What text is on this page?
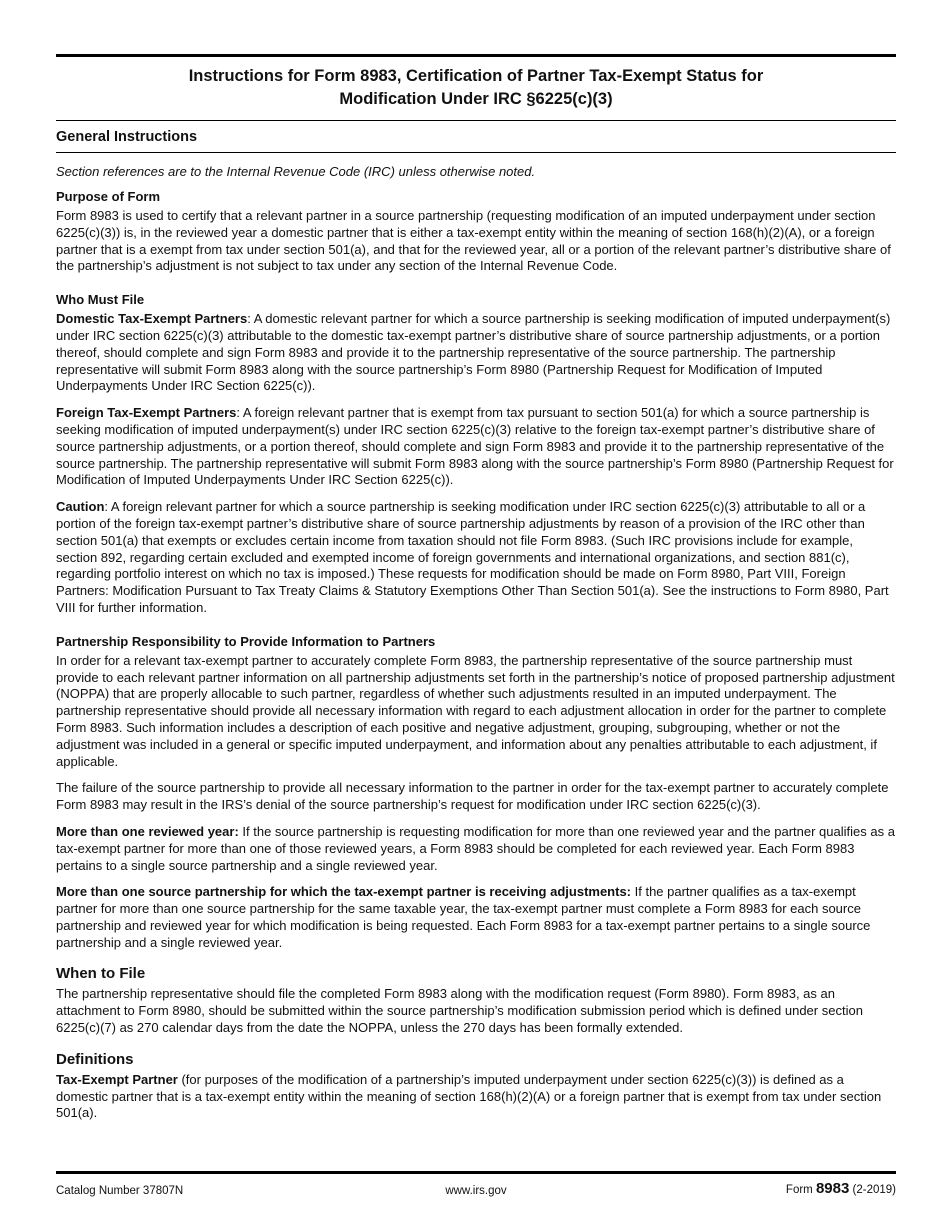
Instructions for Form 8983, Certification of Partner Tax-Exempt Status for
Modification Under IRC §6225(c)(3)
General Instructions
Section references are to the Internal Revenue Code (IRC) unless otherwise noted.
Purpose of Form

Form 8983 is used to certify that a relevant partner in a source partnership (requesting modification of an imputed underpayment under section 6225(c)(3)) is, in the reviewed year a domestic partner that is either a tax-exempt entity within the meaning of section 168(h)(2)(A), or a foreign partner that is a exempt from tax under section 501(a), and that for the reviewed year, all or a portion of the relevant partner’s distributive share of the partnership’s adjustment is not subject to tax under any section of the Internal Revenue Code.

Who Must File

Domestic Tax-Exempt Partners: A domestic relevant partner for which a source partnership is seeking modification of imputed underpayment(s) under IRC section 6225(c)(3) attributable to the domestic tax-exempt partner’s distributive share of source partnership adjustments, or a portion thereof, should complete and sign Form 8983 and provide it to the partnership representative of the source partnership. The partnership representative will submit Form 8983 along with the source partnership’s Form 8980 (Partnership Request for Modification of Imputed Underpayments Under IRC Section 6225(c)).

Foreign Tax-Exempt Partners: A foreign relevant partner that is exempt from tax pursuant to section 501(a) for which a source partnership is seeking modification of imputed underpayment(s) under IRC section 6225(c)(3) relative to the foreign tax-exempt partner’s distributive share of source partnership adjustments, or a portion thereof, should complete and sign Form 8983 and provide it to the partnership representative of the source partnership. The partnership representative will submit Form 8983 along with the source partnership’s Form 8980 (Partnership Request for Modification of Imputed Underpayments Under IRC Section 6225(c)).

Caution: A foreign relevant partner for which a source partnership is seeking modification under IRC section 6225(c)(3) attributable to all or a portion of the foreign tax-exempt partner’s distributive share of source partnership adjustments by reason of a provision of the IRC other than section 501(a) that exempts or excludes certain income from taxation should not file Form 8983. (Such IRC provisions include for example, section 892, regarding certain excluded and exempted income of foreign governments and international organizations, and section 881(c), regarding portfolio interest on which no tax is imposed.) These requests for modification should be made on Form 8980, Part VIII, Foreign Partners: Modification Pursuant to Tax Treaty Claims & Statutory Exemptions Other Than Section 501(a). See the instructions to Form 8980, Part VIII for further information.

Partnership Responsibility to Provide Information to Partners

In order for a relevant tax-exempt partner to accurately complete Form 8983, the partnership representative of the source partnership must provide to each relevant partner information on all partnership adjustments set forth in the partnership’s notice of proposed partnership adjustment (NOPPA) that are properly allocable to such partner, regardless of whether such adjustments resulted in an imputed underpayment. The partnership representative should provide all necessary information with regard to each adjustment allocation in order for the partner to complete Form 8983. Such information includes a description of each positive and negative adjustment, grouping, subgrouping, whether or not the adjustment was included in a general or specific imputed underpayment, and information about any penalties attributable to each adjustment, if applicable.

The failure of the source partnership to provide all necessary information to the partner in order for the tax-exempt partner to accurately complete Form 8983 may result in the IRS’s denial of the source partnership’s request for modification under IRC section 6225(c)(3).

More than one reviewed year: If the source partnership is requesting modification for more than one reviewed year and the partner qualifies as a tax-exempt partner for more than one of those reviewed years, a Form 8983 should be completed for each reviewed year. Each Form 8983 pertains to a single source partnership and a single reviewed year.

More than one source partnership for which the tax-exempt partner is receiving adjustments: If the partner qualifies as a tax-exempt partner for more than one source partnership for the same taxable year, the tax-exempt partner must complete a Form 8983 for each source partnership and reviewed year for which modification is being requested. Each Form 8983 for a tax-exempt partner pertains to a single source partnership and a single reviewed year.

When to File

The partnership representative should file the completed Form 8983 along with the modification request (Form 8980). Form 8983, as an attachment to Form 8980, should be submitted within the source partnership’s modification submission period which is defined under section 6225(c)(7) as 270 calendar days from the date the NOPPA, unless the 270 days has been formally extended.

Definitions

Tax-Exempt Partner (for purposes of the modification of a partnership’s imputed underpayment under section 6225(c)(3)) is defined as a domestic partner that is a tax-exempt entity within the meaning of section 168(h)(2)(A) or a foreign partner that is exempt from tax under section 501(a).

Catalog Number 37807N	www.irs.gov	Form 8983 (2-2019)
